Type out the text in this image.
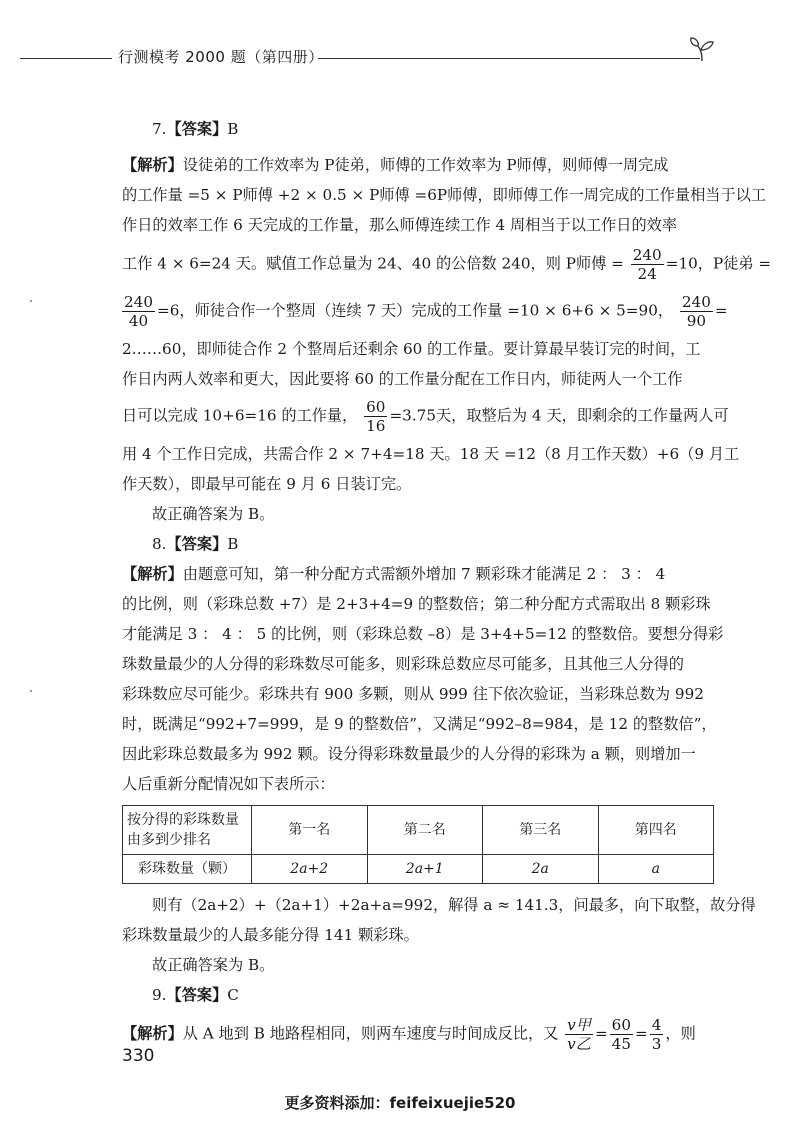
行测模考 2000 题（第四册）

7.【答案】B

【解析】设徒弟的工作效率为 P徒弟，师傅的工作效率为 P师傅，则师傅一周完成

的工作量 =5 × P师傅 +2 × 0.5 × P师傅 =6P师傅，即师傅工作一周完成的工作量相当于以工

作日的效率工作 6 天完成的工作量，那么师傅连续工作 4 周相当于以工作日的效率

工作 4 × 6=24 天。赋值工作总量为 24、40 的公倍数 240，则 P师傅 = $\frac{240}{24} =10$，P徒弟 =

$\frac{240}{40} =6$，师徒合作一个整周（连续 7 天）完成的工作量 =10 × 6+6 × 5=90， $\frac{240}{90}$ =

2……60，即师徒合作 2 个整周后还剩余 60 的工作量。要计算最早装订完的时间，工

作日内两人效率和更大，因此要将 60 的工作量分配在工作日内，师徒两人一个工作

日可以完成 10+6=16 的工作量， $\frac{60}{16} =3.75$天，取整后为 4 天，即剩余的工作量两人可

用 4 个工作日完成，共需合作 2 × 7+4=18 天。18 天 =12（8 月工作天数）+6（9 月工

作天数），即最早可能在 9 月 6 日装订完。

故正确答案为 B。

8.【答案】B

【解析】由题意可知，第一种分配方式需额外增加 7 颗彩珠才能满足 2 ： 3 ： 4

的比例，则（彩珠总数 +7）是 2+3+4=9 的整数倍；第二种分配方式需取出 8 颗彩珠

才能满足 3 ： 4 ： 5 的比例，则（彩珠总数 –8）是 3+4+5=12 的整数倍。要想分得彩

珠数量最少的人分得的彩珠数尽可能多，则彩珠总数应尽可能多，且其他三人分得的

彩珠数应尽可能少。彩珠共有 900 多颗，则从 999 往下依次验证，当彩珠总数为 992

时，既满足“992+7=999，是 9 的整数倍”，又满足“992–8=984，是 12 的整数倍”，

因此彩珠总数最多为 992 颗。设分得彩珠数量最少的人分得的彩珠为 a 颗，则增加一

人后重新分配情况如下表所示：

按分得的彩珠数量由多到少排名	第一名	第二名	第三名	第四名
彩珠数量（颗）	2a+2	2a+1	2a	a

则有（2a+2）+（2a+1）+2a+a=992，解得 a ≈ 141.3，问最多，向下取整，故分得

彩珠数量最少的人最多能分得 141 颗彩珠。

故正确答案为 B。

9.【答案】C

【解析】从 A 地到 B 地路程相同，则两车速度与时间成反比，又 $\frac{\text{v甲}}{\text{v乙}} = \frac{60}{45} = \frac{4}{3}$ ，则

330
更多资料添加：feifeixuejie520
